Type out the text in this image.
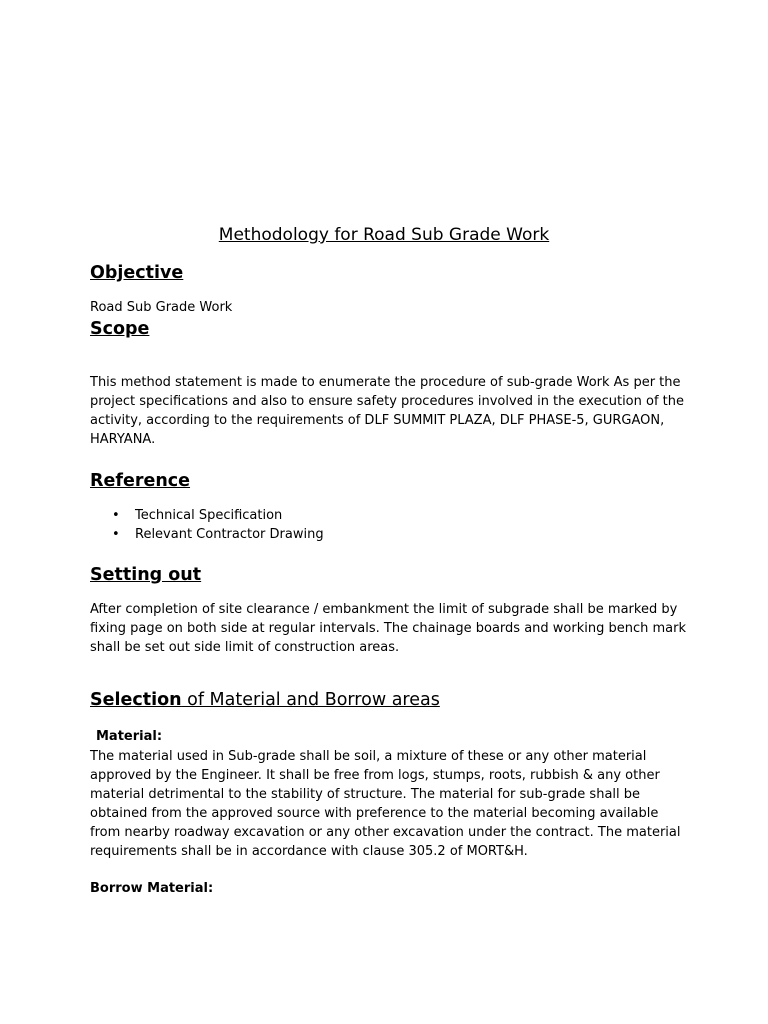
Methodology for Road Sub Grade Work
Objective

Road Sub Grade Work

Scope

This method statement is made to enumerate the procedure of sub-grade Work As per the project specifications and also to ensure safety procedures involved in the execution of the activity, according to the requirements of DLF SUMMIT PLAZA, DLF PHASE-5, GURGAON, HARYANA.

Reference
• Technical Specification
• Relevant Contractor Drawing
Setting out

After completion of site clearance / embankment the limit of subgrade shall be marked by fixing page on both side at regular intervals. The chainage boards and working bench mark shall be set out side limit of construction areas.

Selection of Material and Borrow areas
Material:

The material used in Sub-grade shall be soil, a mixture of these or any other material approved by the Engineer. It shall be free from logs, stumps, roots, rubbish & any other material detrimental to the stability of structure. The material for sub-grade shall be obtained from the approved source with preference to the material becoming available from nearby roadway excavation or any other excavation under the contract. The material requirements shall be in accordance with clause 305.2 of MORT&H.

Borrow Material:
